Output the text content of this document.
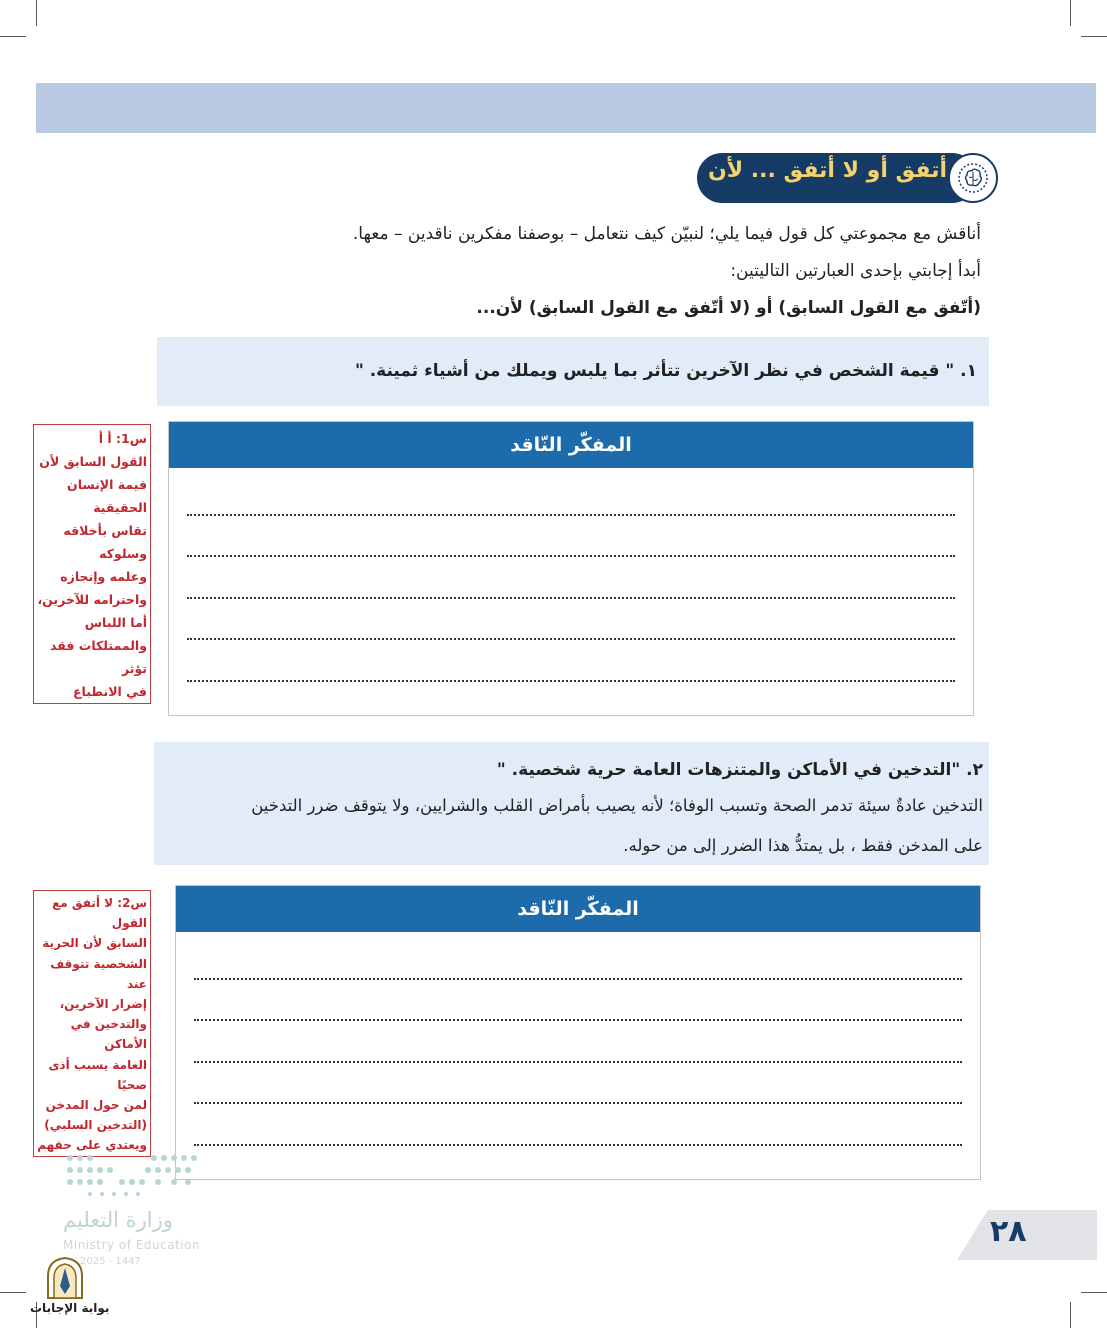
أتفق أو لا أتفق ... لأن
أناقش مع مجموعتي كل قول فيما يلي؛ لنبيّن كيف نتعامل – بوصفنا مفكرين ناقدين – معها.
أبدأ إجابتي بإحدى العبارتين التاليتين:
(أتّفق مع القول السابق) أو (لا أتّفق مع القول السابق) لأن...
١. " قيمة الشخص في نظر الآخرين تتأثر بما يلبس ويملك من أشياء ثمينة. "
س1: أ أ
القول السابق لأن
قيمة الإنسان الحقيقية
تقاس بأخلاقه وسلوكه
وعلمه وإنجازه
واحترامه للآخرين،
أما اللباس
والممتلكات فقد تؤثر
في الانطباع
المفكّر النّاقد
٢. "التدخين في الأماكن والمتنزهات العامة حرية شخصية. "
التدخين عادةٌ سيئة تدمر الصحة وتسبب الوفاة؛ لأنه يصيب بأمراض القلب والشرايين، ولا يتوقف ضرر التدخين
على المدخن فقط ، بل يمتدُّ هذا الضرر إلى من حوله.
س2: لا أتفق مع القول
السابق لأن الحرية
الشخصية تتوقف عند
إضرار الآخرين،
والتدخين في الأماكن
العامة يسبب أذى صحيًا
لمن حول المدخن
(التدخين السلبي)
ويعتدي على حقهم
المفكّر النّاقد
وزارة التعليم
Ministry of Education
2025 - 1447
بوابة الإجابات
٢٨
